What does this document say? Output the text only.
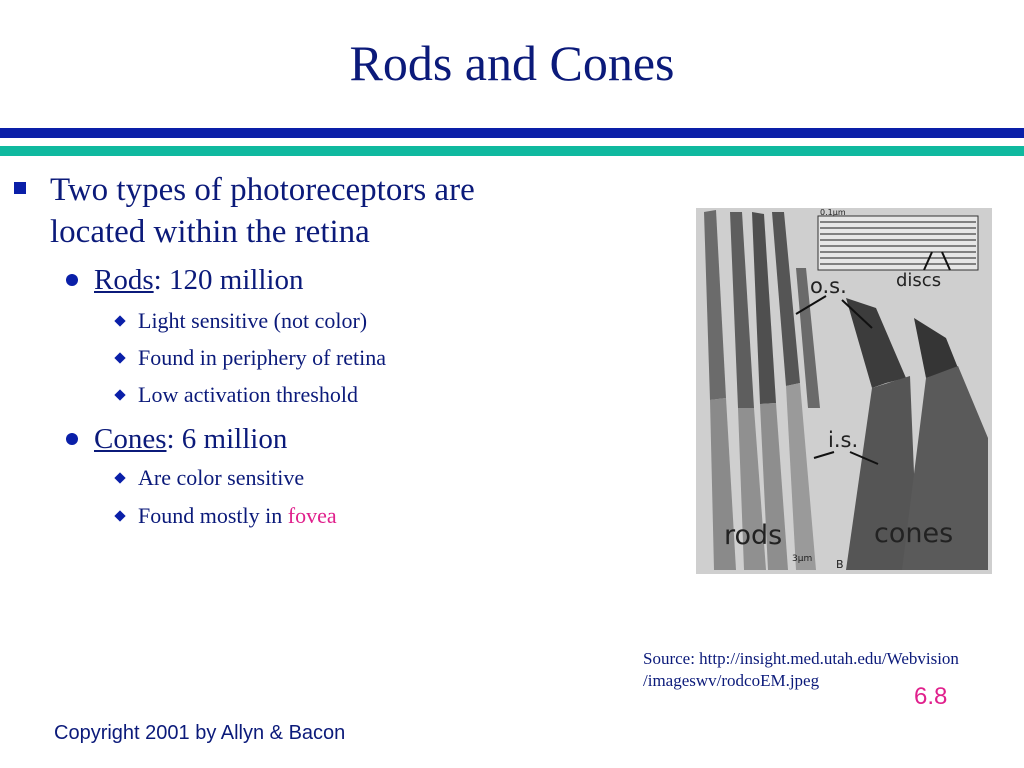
Rods and Cones
Two types of photoreceptors are
located within the retina
Rods: 120 million
Light sensitive (not color)
Found in periphery of retina
Low activation threshold
Cones: 6 million
Are color sensitive
Found mostly in fovea
o.s.	discs
i.s.
rods	cones
3μm B
0.1μm
Source: http://insight.med.utah.edu/Webvision
/imageswv/rodcoEM.jpeg
6.8
Copyright 2001 by Allyn & Bacon
